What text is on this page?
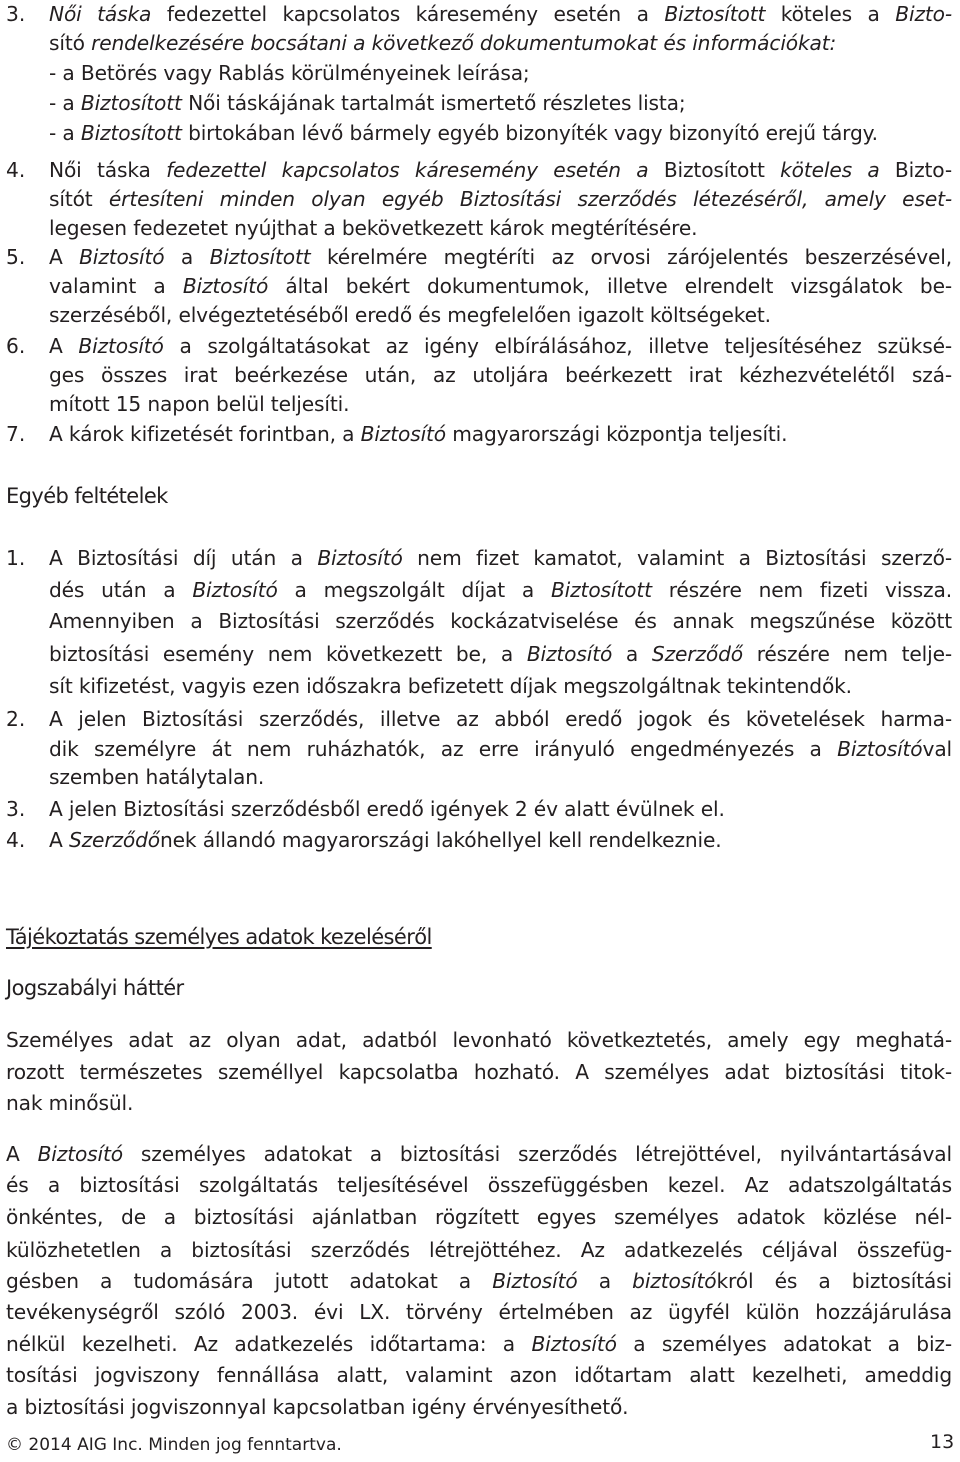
3. Női táska fedezettel kapcsolatos káresemény esetén a Biztosított köteles a Bizto-
sító rendelkezésére bocsátani a következő dokumentumokat és információkat:
- a Betörés vagy Rablás körülményeinek leírása;
- a Biztosított Női táskájának tartalmát ismertető részletes lista;
- a Biztosított birtokában lévő bármely egyéb bizonyíték vagy bizonyító erejű tárgy.
4. Női táska fedezettel kapcsolatos káresemény esetén a Biztosított köteles a Bizto-
sítót értesíteni minden olyan egyéb Biztosítási szerződés létezéséről, amely eset-
legesen fedezetet nyújthat a bekövetkezett károk megtérítésére.
5. A Biztosító a Biztosított kérelmére megtéríti az orvosi zárójelentés beszerzésével,
valamint a Biztosító által bekért dokumentumok, illetve elrendelt vizsgálatok be-
szerzéséből, elvégeztetéséből eredő és megfelelően igazolt költségeket.
6. A Biztosító a szolgáltatásokat az igény elbírálásához, illetve teljesítéséhez szüksé-
ges összes irat beérkezése után, az utoljára beérkezett irat kézhezvételétől szá-
mított 15 napon belül teljesíti.
7. A károk kifizetését forintban, a Biztosító magyarországi központja teljesíti.
Egyéb feltételek
1. A Biztosítási díj után a Biztosító nem fizet kamatot, valamint a Biztosítási szerző-
dés után a Biztosító a megszolgált díjat a Biztosított részére nem fizeti vissza.
Amennyiben a Biztosítási szerződés kockázatviselése és annak megszűnése között
biztosítási esemény nem következett be, a Biztosító a Szerződő részére nem telje-
sít kifizetést, vagyis ezen időszakra befizetett díjak megszolgáltnak tekintendők.
2. A jelen Biztosítási szerződés, illetve az abból eredő jogok és követelések harma-
dik személyre át nem ruházhatók, az erre irányuló engedményezés a Biztosítóval
szemben hatálytalan.
3. A jelen Biztosítási szerződésből eredő igények 2 év alatt évülnek el.
4. A Szerződőnek állandó magyarországi lakóhellyel kell rendelkeznie.
Tájékoztatás személyes adatok kezeléséről
Jogszabályi háttér
Személyes adat az olyan adat, adatból levonható következtetés, amely egy meghatá-
rozott természetes személlyel kapcsolatba hozható. A személyes adat biztosítási titok-
nak minősül.
A Biztosító személyes adatokat a biztosítási szerződés létrejöttével, nyilvántartásával
és a biztosítási szolgáltatás teljesítésével összefüggésben kezel. Az adatszolgáltatás
önkéntes, de a biztosítási ajánlatban rögzített egyes személyes adatok közlése nél-
külözhetetlen a biztosítási szerződés létrejöttéhez. Az adatkezelés céljával összefüg-
gésben a tudomására jutott adatokat a Biztosító a biztosítókról és a biztosítási
tevékenységről szóló 2003. évi LX. törvény értelmében az ügyfél külön hozzájárulása
nélkül kezelheti. Az adatkezelés időtartama: a Biztosító a személyes adatokat a biz-
tosítási jogviszony fennállása alatt, valamint azon időtartam alatt kezelheti, ameddig
a biztosítási jogviszonnyal kapcsolatban igény érvényesíthető.
© 2014 AIG Inc. Minden jog fenntartva.	13
